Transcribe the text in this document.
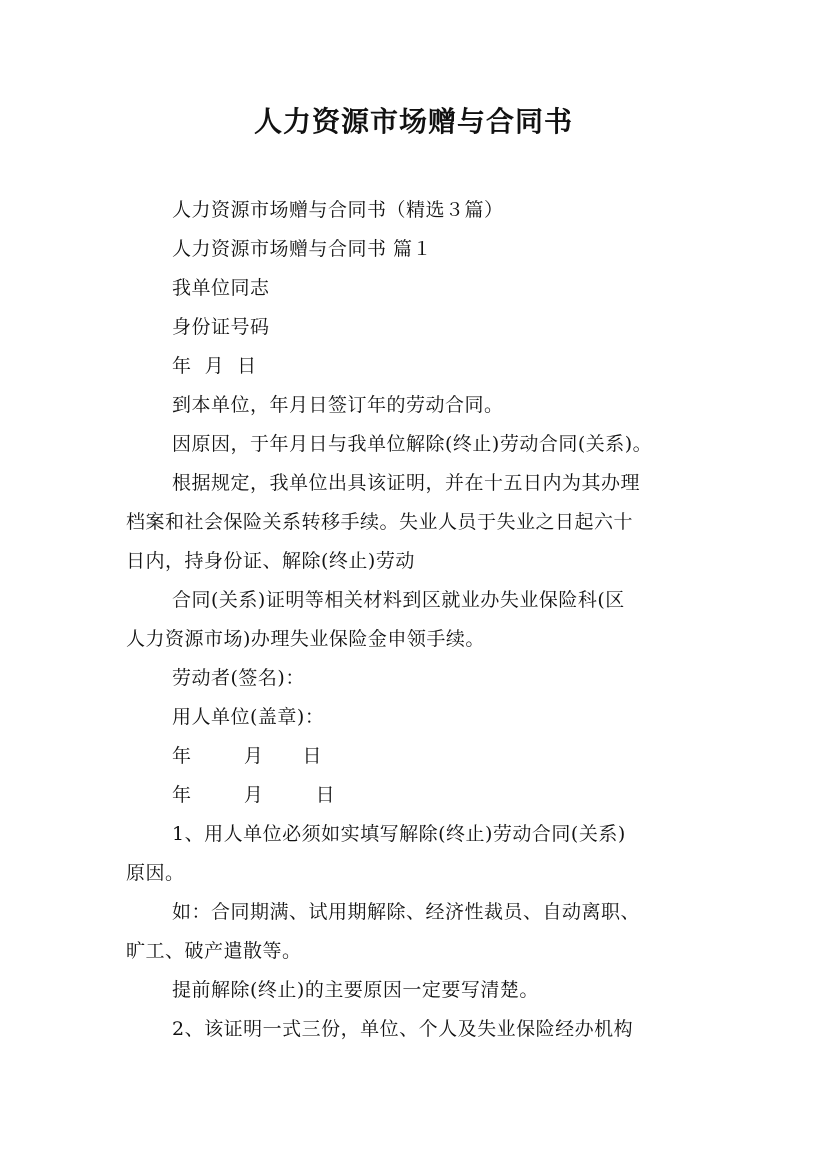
人力资源市场赠与合同书
人力资源市场赠与合同书（精选３篇）
人力资源市场赠与合同书 篇１
我单位同志
身份证号码
年  月  日
到本单位，年月日签订年的劳动合同。
因原因，于年月日与我单位解除(终止)劳动合同(关系)。
根据规定，我单位出具该证明，并在十五日内为其办理
档案和社会保险关系转移手续。失业人员于失业之日起六十
日内，持身份证、解除(终止)劳动
合同(关系)证明等相关材料到区就业办失业保险科(区
人力资源市场)办理失业保险金申领手续。
劳动者(签名)：
用人单位(盖章)：
年        月      日
年        月        日
1、用人单位必须如实填写解除(终止)劳动合同(关系)
原因。
如：合同期满、试用期解除、经济性裁员、自动离职、
旷工、破产遣散等。
提前解除(终止)的主要原因一定要写清楚。
2、该证明一式三份，单位、个人及失业保险经办机构
